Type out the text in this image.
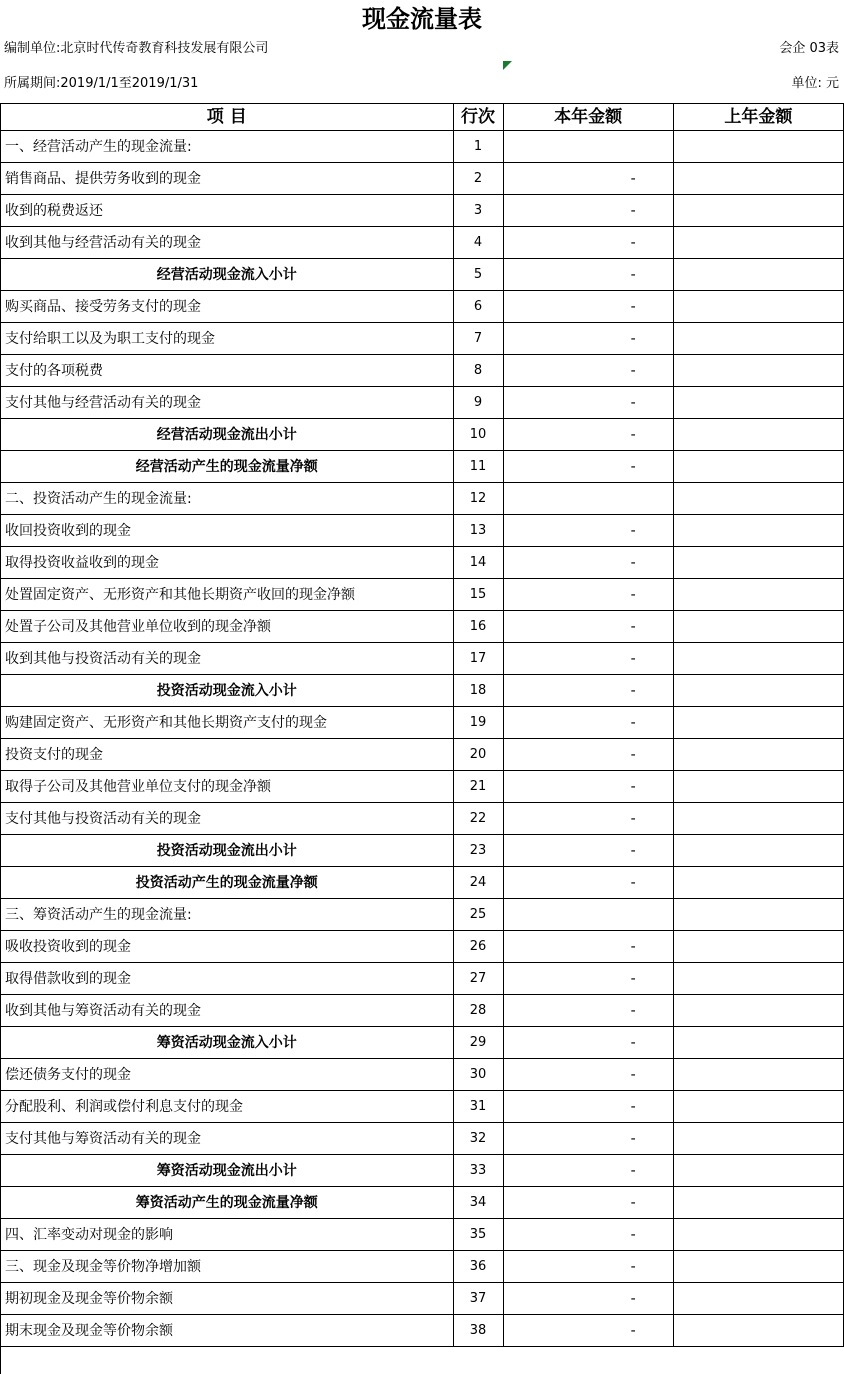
现金流量表
编制单位:北京时代传奇教育科技发展有限公司	会企 03表
所属期间:2019/1/1至2019/1/31	单位: 元
项 目	行次	本年金额	上年金额
一、经营活动产生的现金流量:	1		
销售商品、提供劳务收到的现金	2	-	
收到的税费返还	3	-	
收到其他与经营活动有关的现金	4	-	
经营活动现金流入小计	5	-	
购买商品、接受劳务支付的现金	6	-	
支付给职工以及为职工支付的现金	7	-	
支付的各项税费	8	-	
支付其他与经营活动有关的现金	9	-	
经营活动现金流出小计	10	-	
经营活动产生的现金流量净额	11	-	
二、投资活动产生的现金流量:	12		
收回投资收到的现金	13	-	
取得投资收益收到的现金	14	-	
处置固定资产、无形资产和其他长期资产收回的现金净额	15	-	
处置子公司及其他营业单位收到的现金净额	16	-	
收到其他与投资活动有关的现金	17	-	
投资活动现金流入小计	18	-	
购建固定资产、无形资产和其他长期资产支付的现金	19	-	
投资支付的现金	20	-	
取得子公司及其他营业单位支付的现金净额	21	-	
支付其他与投资活动有关的现金	22	-	
投资活动现金流出小计	23	-	
投资活动产生的现金流量净额	24	-	
三、筹资活动产生的现金流量:	25		
吸收投资收到的现金	26	-	
取得借款收到的现金	27	-	
收到其他与筹资活动有关的现金	28	-	
筹资活动现金流入小计	29	-	
偿还债务支付的现金	30	-	
分配股利、利润或偿付利息支付的现金	31	-	
支付其他与筹资活动有关的现金	32	-	
筹资活动现金流出小计	33	-	
筹资活动产生的现金流量净额	34	-	
四、汇率变动对现金的影响	35	-	
三、现金及现金等价物净增加额	36	-	
期初现金及现金等价物余额	37	-	
期末现金及现金等价物余额	38	-	
